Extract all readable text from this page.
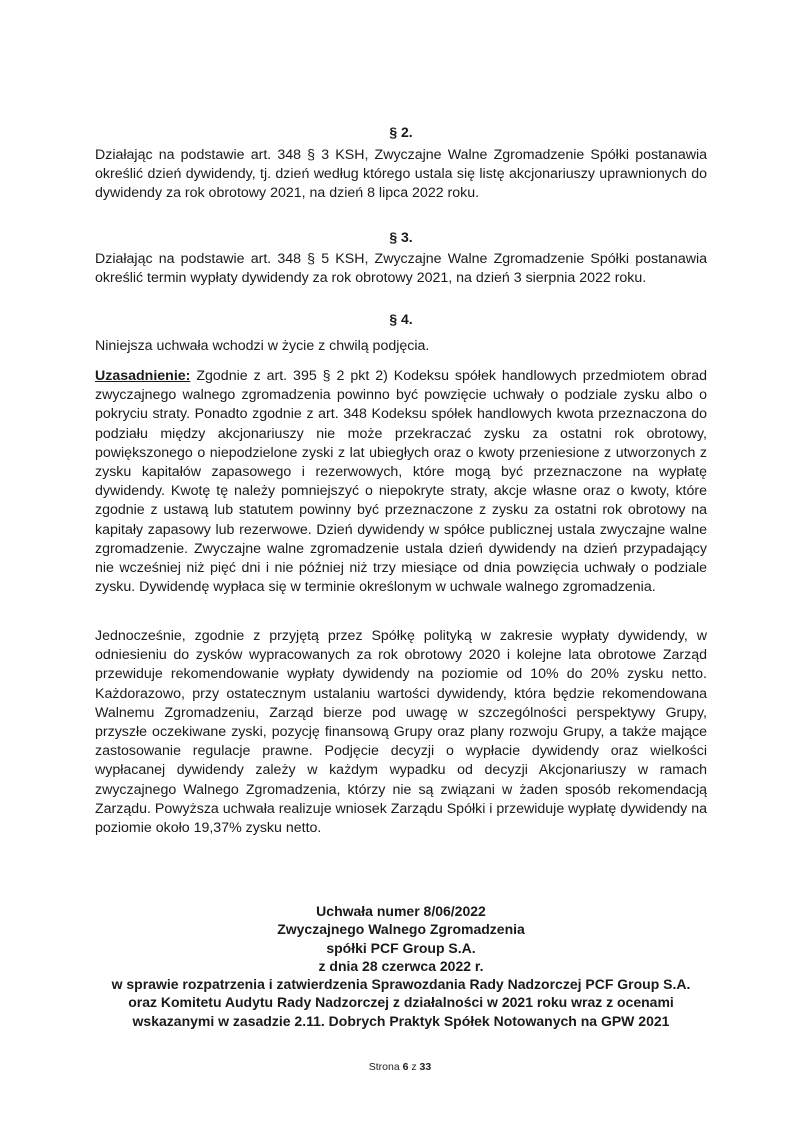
§ 2.
Działając na podstawie art. 348 § 3 KSH, Zwyczajne Walne Zgromadzenie Spółki postanawia określić dzień dywidendy, tj. dzień według którego ustala się listę akcjonariuszy uprawnionych do dywidendy za rok obrotowy 2021, na dzień 8 lipca 2022 roku.
§ 3.
Działając na podstawie art. 348 § 5 KSH, Zwyczajne Walne Zgromadzenie Spółki postanawia określić termin wypłaty dywidendy za rok obrotowy 2021, na dzień 3 sierpnia 2022 roku.
§ 4.
Niniejsza uchwała wchodzi w życie z chwilą podjęcia.
Uzasadnienie: Zgodnie z art. 395 § 2 pkt 2) Kodeksu spółek handlowych przedmiotem obrad zwyczajnego walnego zgromadzenia powinno być powzięcie uchwały o podziale zysku albo o pokryciu straty. Ponadto zgodnie z art. 348 Kodeksu spółek handlowych kwota przeznaczona do podziału między akcjonariuszy nie może przekraczać zysku za ostatni rok obrotowy, powiększonego o niepodzielone zyski z lat ubiegłych oraz o kwoty przeniesione z utworzonych z zysku kapitałów zapasowego i rezerwowych, które mogą być przeznaczone na wypłatę dywidendy. Kwotę tę należy pomniejszyć o niepokryte straty, akcje własne oraz o kwoty, które zgodnie z ustawą lub statutem powinny być przeznaczone z zysku za ostatni rok obrotowy na kapitały zapasowy lub rezerwowe. Dzień dywidendy w spółce publicznej ustala zwyczajne walne zgromadzenie. Zwyczajne walne zgromadzenie ustala dzień dywidendy na dzień przypadający nie wcześniej niż pięć dni i nie później niż trzy miesiące od dnia powzięcia uchwały o podziale zysku. Dywidendę wypłaca się w terminie określonym w uchwale walnego zgromadzenia.
Jednocześnie, zgodnie z przyjętą przez Spółkę polityką w zakresie wypłaty dywidendy, w odniesieniu do zysków wypracowanych za rok obrotowy 2020 i kolejne lata obrotowe Zarząd przewiduje rekomendowanie wypłaty dywidendy na poziomie od 10% do 20% zysku netto. Każdorazowo, przy ostatecznym ustalaniu wartości dywidendy, która będzie rekomendowana Walnemu Zgromadzeniu, Zarząd bierze pod uwagę w szczególności perspektywy Grupy, przyszłe oczekiwane zyski, pozycję finansową Grupy oraz plany rozwoju Grupy, a także mające zastosowanie regulacje prawne. Podjęcie decyzji o wypłacie dywidendy oraz wielkości wypłacanej dywidendy zależy w każdym wypadku od decyzji Akcjonariuszy w ramach zwyczajnego Walnego Zgromadzenia, którzy nie są związani w żaden sposób rekomendacją Zarządu. Powyższa uchwała realizuje wniosek Zarządu Spółki i przewiduje wypłatę dywidendy na poziomie około 19,37% zysku netto.
Uchwała numer 8/06/2022
Zwyczajnego Walnego Zgromadzenia
spółki PCF Group S.A.
z dnia 28 czerwca 2022 r.
w sprawie rozpatrzenia i zatwierdzenia Sprawozdania Rady Nadzorczej PCF Group S.A.
oraz Komitetu Audytu Rady Nadzorczej z działalności w 2021 roku wraz z ocenami
wskazanymi w zasadzie 2.11. Dobrych Praktyk Spółek Notowanych na GPW 2021
Strona 6 z 33
